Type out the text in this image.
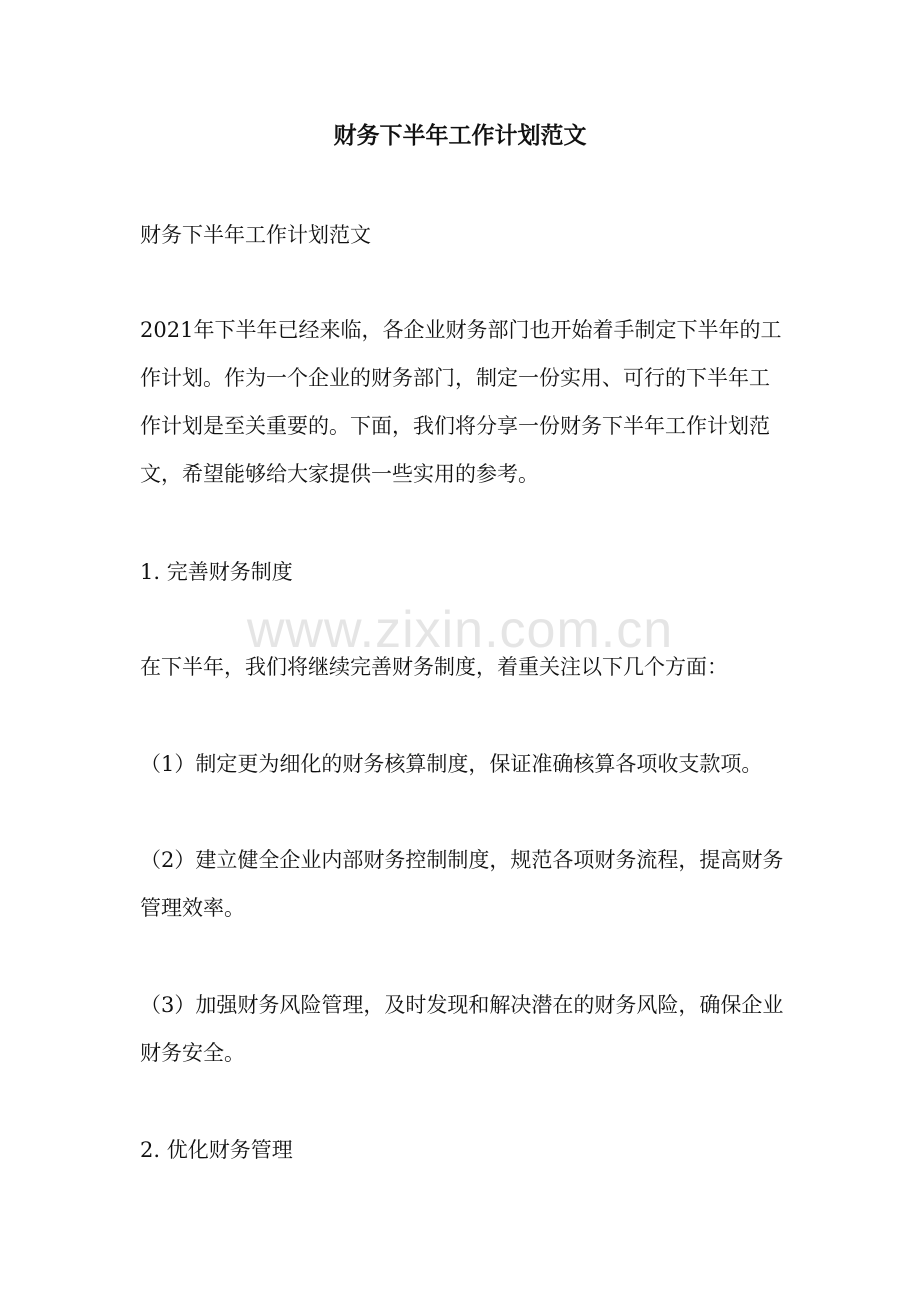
财务下半年工作计划范文

财务下半年工作计划范文

2021年下半年已经来临，各企业财务部门也开始着手制定下半年的工作计划。作为一个企业的财务部门，制定一份实用、可行的下半年工作计划是至关重要的。下面，我们将分享一份财务下半年工作计划范文，希望能够给大家提供一些实用的参考。

1. 完善财务制度

在下半年，我们将继续完善财务制度，着重关注以下几个方面：

（1）制定更为细化的财务核算制度，保证准确核算各项收支款项。

（2）建立健全企业内部财务控制制度，规范各项财务流程，提高财务管理效率。

（3）加强财务风险管理，及时发现和解决潜在的财务风险，确保企业财务安全。

2. 优化财务管理

www.zixin.com.cn
